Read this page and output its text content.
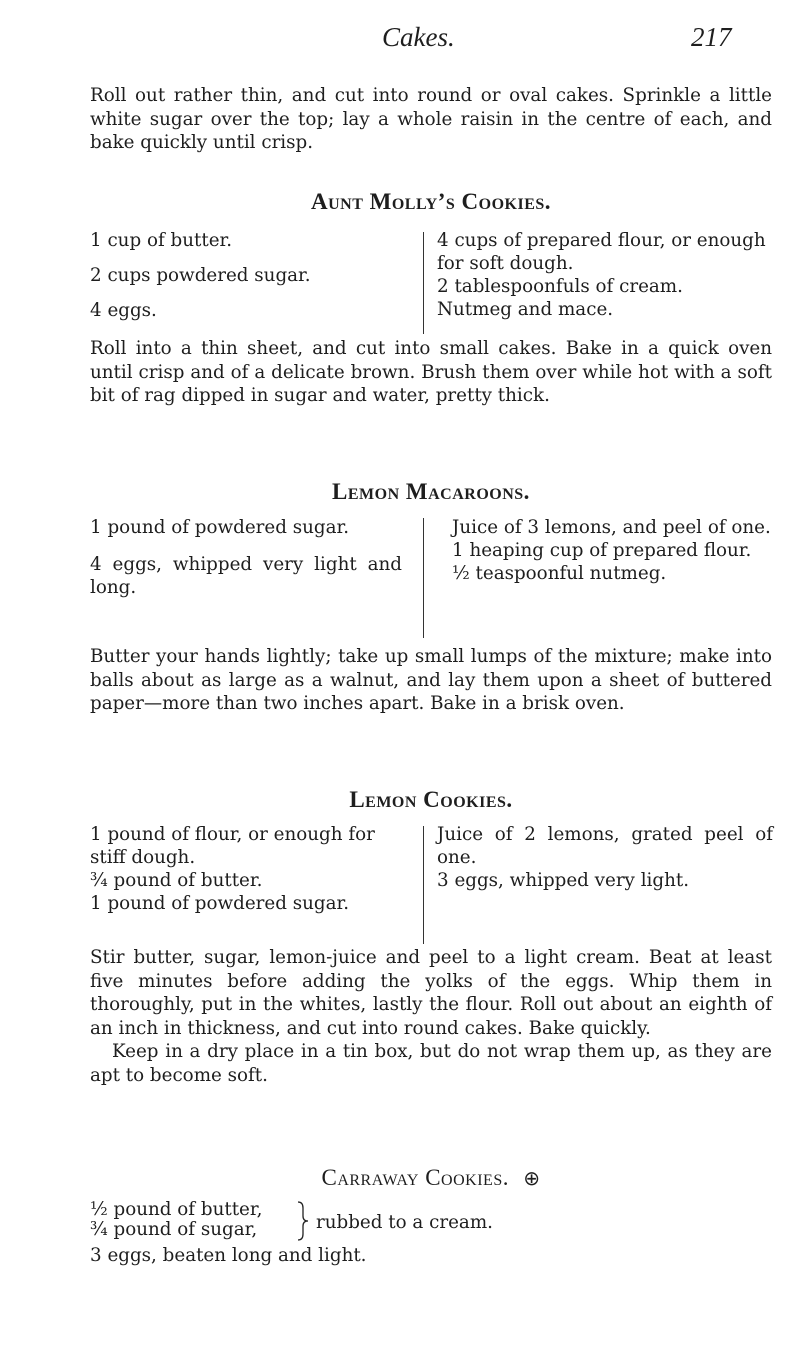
Cakes.	217

Roll out rather thin, and cut into round or oval cakes. Sprinkle a little white sugar over the top; lay a whole raisin in the centre of each, and bake quickly until crisp.

Aunt Molly’s Cookies.

1 cup of butter.

2 cups powdered sugar.

4 eggs.

4 cups of prepared flour, or enough for soft dough.

2 tablespoonfuls of cream.

Nutmeg and mace.

Roll into a thin sheet, and cut into small cakes. Bake in a quick oven until crisp and of a delicate brown. Brush them over while hot with a soft bit of rag dipped in sugar and water, pretty thick.

Lemon Macaroons.

1 pound of powdered sugar.

4 eggs, whipped very light and long.

Juice of 3 lemons, and peel of one.

1 heaping cup of prepared flour.

½ teaspoonful nutmeg.

Butter your hands lightly; take up small lumps of the mixture; make into balls about as large as a walnut, and lay them upon a sheet of buttered paper—more than two inches apart. Bake in a brisk oven.

Lemon Cookies.

1 pound of flour, or enough for stiff dough.

¾ pound of butter.

1 pound of powdered sugar.

Juice of 2 lemons, grated peel of one.

3 eggs, whipped very light.

Stir butter, sugar, lemon-juice and peel to a light cream. Beat at least five minutes before adding the yolks of the eggs. Whip them in thoroughly, put in the whites, lastly the flour. Roll out about an eighth of an inch in thickness, and cut into round cakes. Bake quickly.

Keep in a dry place in a tin box, but do not wrap them up, as they are apt to become soft.

Carraway Cookies. ⊕

½ pound of butter,

¾ pound of sugar,	rubbed to a cream.

3 eggs, beaten long and light.
